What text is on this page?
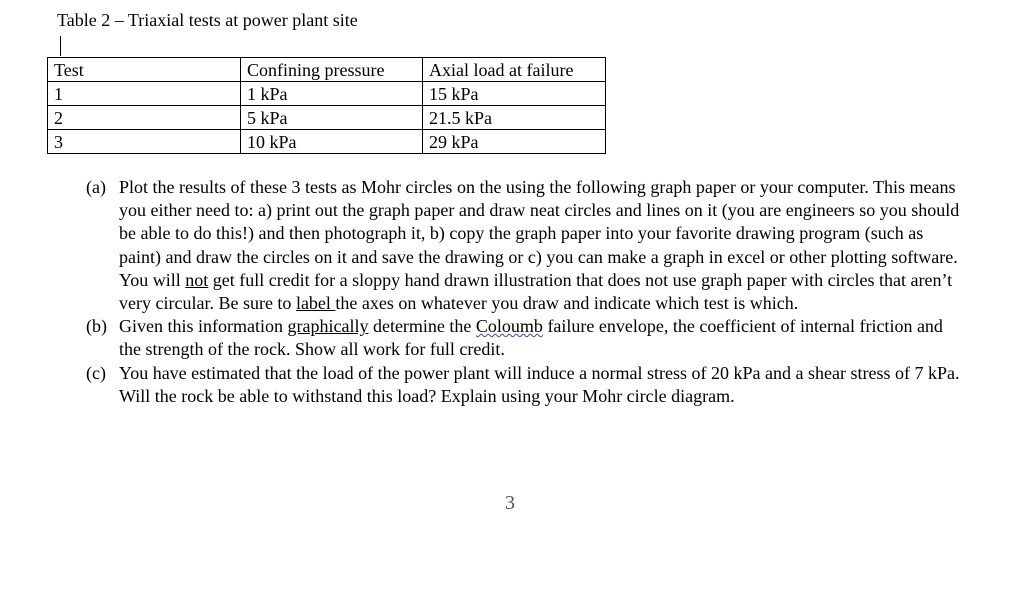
Table 2 – Triaxial tests at power plant site
Test	Confining pressure	Axial load at failure
1	1 kPa	15 kPa
2	5 kPa	21.5 kPa
3	10 kPa	29 kPa
(a) Plot the results of these 3 tests as Mohr circles on the using the following graph paper or your computer. This means you either need to: a) print out the graph paper and draw neat circles and lines on it (you are engineers so you should be able to do this!) and then photograph it, b) copy the graph paper into your favorite drawing program (such as paint) and draw the circles on it and save the drawing or c) you can make a graph in excel or other plotting software. You will not get full credit for a sloppy hand drawn illustration that does not use graph paper with circles that aren’t very circular. Be sure to label the axes on whatever you draw and indicate which test is which.
(b) Given this information graphically determine the Coloumb failure envelope, the coefficient of internal friction and the strength of the rock. Show all work for full credit.
(c) You have estimated that the load of the power plant will induce a normal stress of 20 kPa and a shear stress of 7 kPa. Will the rock be able to withstand this load? Explain using your Mohr circle diagram.
3
